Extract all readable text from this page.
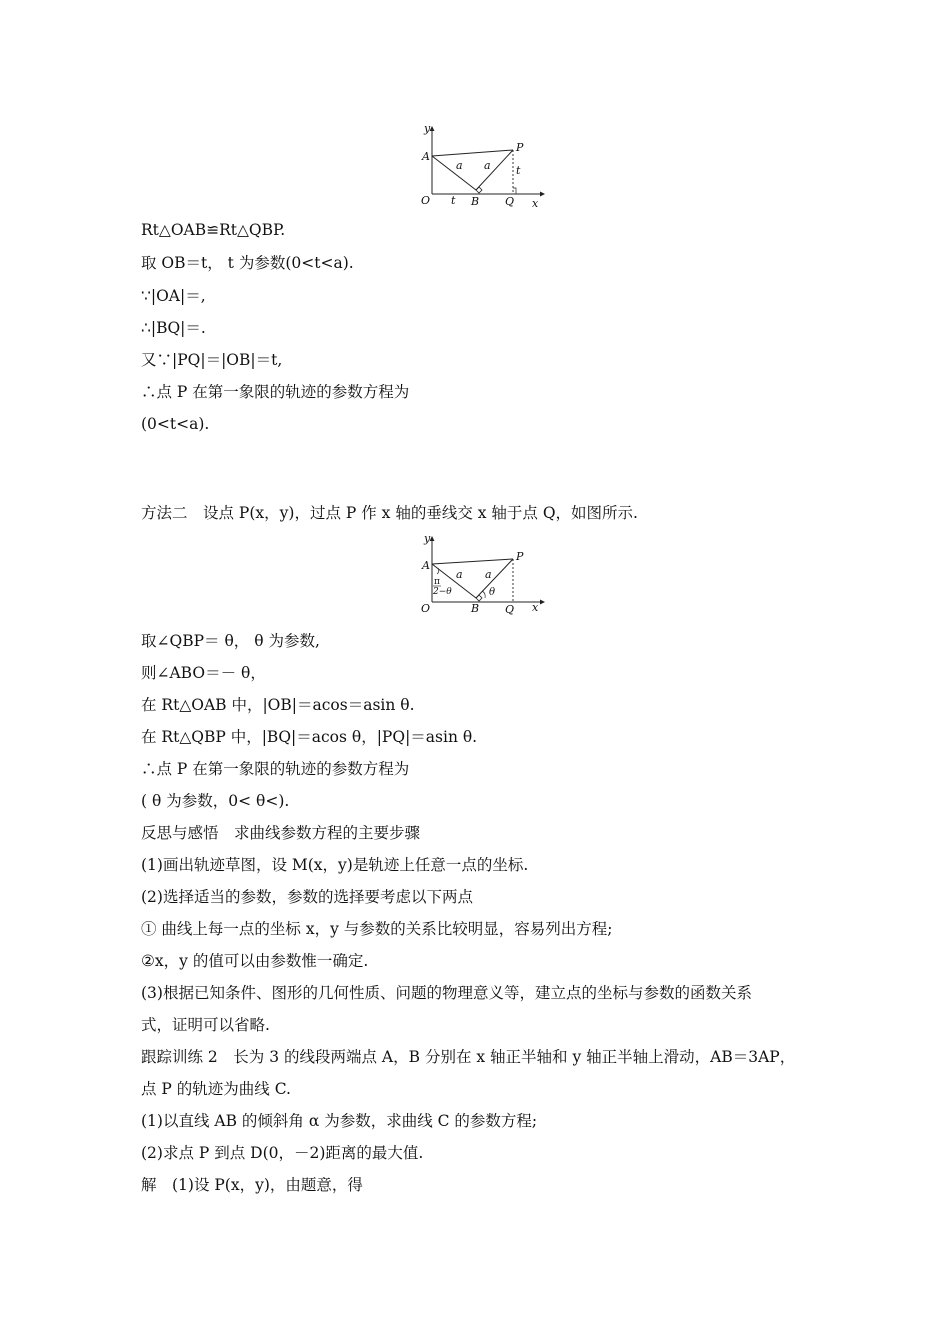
y
A
a a
P
t
O t B Q x
y
A
a a
P
π
2−θ	θ
O	B Q x

Rt△OAB≌Rt△QBP.

取 OB＝t， t 为参数(0<t<a).

∵|OA|＝,

∴|BQ|＝.

又∵|PQ|＝|OB|＝t,

∴点 P 在第一象限的轨迹的参数方程为

(0<t<a).

方法二　设点 P(x，y)，过点 P 作 x 轴的垂线交 x 轴于点 Q，如图所示.

取∠QBP＝ θ， θ 为参数,

则∠ABO＝－ θ，

在 Rt△OAB 中，|OB|＝acos＝asin θ.

在 Rt△QBP 中，|BQ|＝acos θ，|PQ|＝asin θ.

∴点 P 在第一象限的轨迹的参数方程为

( θ 为参数，0< θ<).

反思与感悟　求曲线参数方程的主要步骤

(1)画出轨迹草图，设 M(x，y)是轨迹上任意一点的坐标.

(2)选择适当的参数，参数的选择要考虑以下两点

① 曲线上每一点的坐标 x，y 与参数的关系比较明显，容易列出方程;

②x，y 的值可以由参数惟一确定.

(3)根据已知条件、图形的几何性质、问题的物理意义等，建立点的坐标与参数的函数关系

式，证明可以省略.

跟踪训练 2　长为 3 的线段两端点 A，B 分别在 x 轴正半轴和 y 轴正半轴上滑动，AB＝3AP，

点 P 的轨迹为曲线 C.

(1)以直线 AB 的倾斜角 α 为参数，求曲线 C 的参数方程;

(2)求点 P 到点 D(0，－2)距离的最大值.

解　(1)设 P(x，y)，由题意，得
